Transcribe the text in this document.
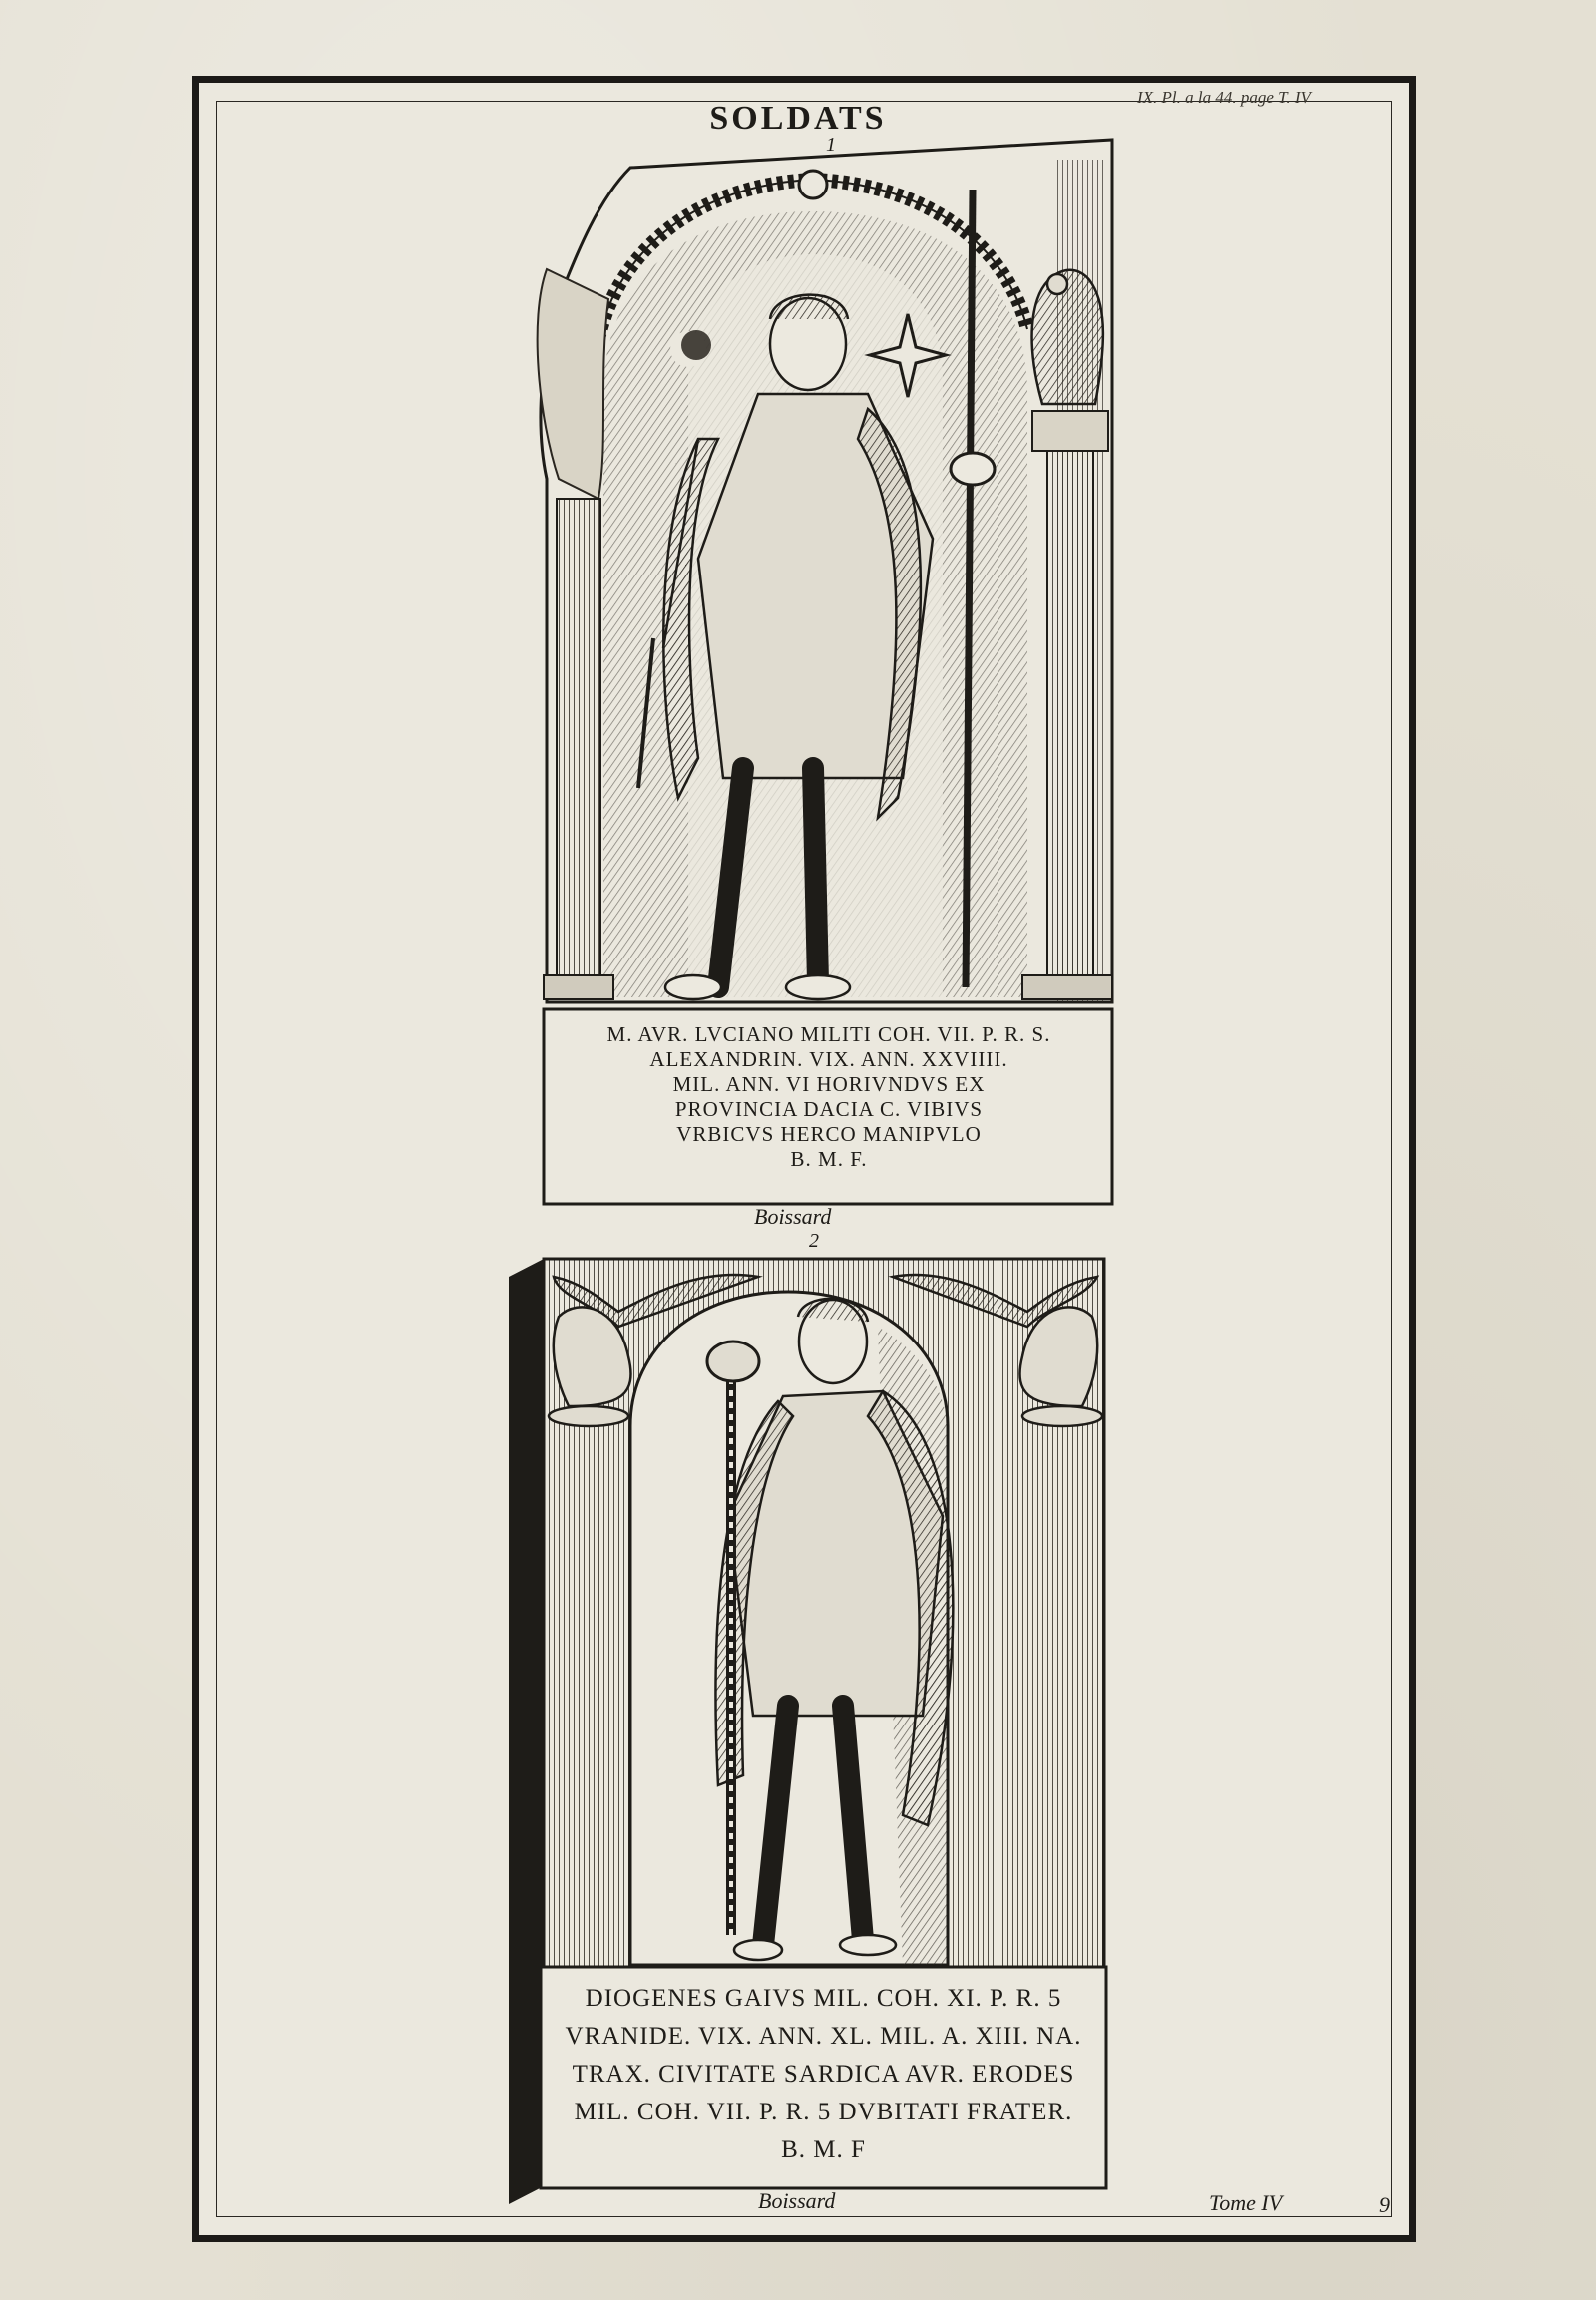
SOLDATS
IX. Pl. a la 44. page T. IV
1
M. AVR. LVCIANO MILITI COH. VII. P. R. S.
ALEXANDRIN. VIX. ANN. XXVIIII.
MIL. ANN. VI HORIVNDVS EX
PROVINCIA DACIA C. VIBIVS
VRBICVS HERCO MANIPVLO
B. M. F.
Boissard
2
DIOGENES GAIVS MIL. COH. XI. P. R. 5
VRANIDE. VIX. ANN. XL. MIL. A. XIII. NA.
TRAX. CIVITATE SARDICA AVR. ERODES
MIL. COH. VII. P. R. 5 DVBITATI FRATER.
B. M. F
Boissard	Tome IV	9
